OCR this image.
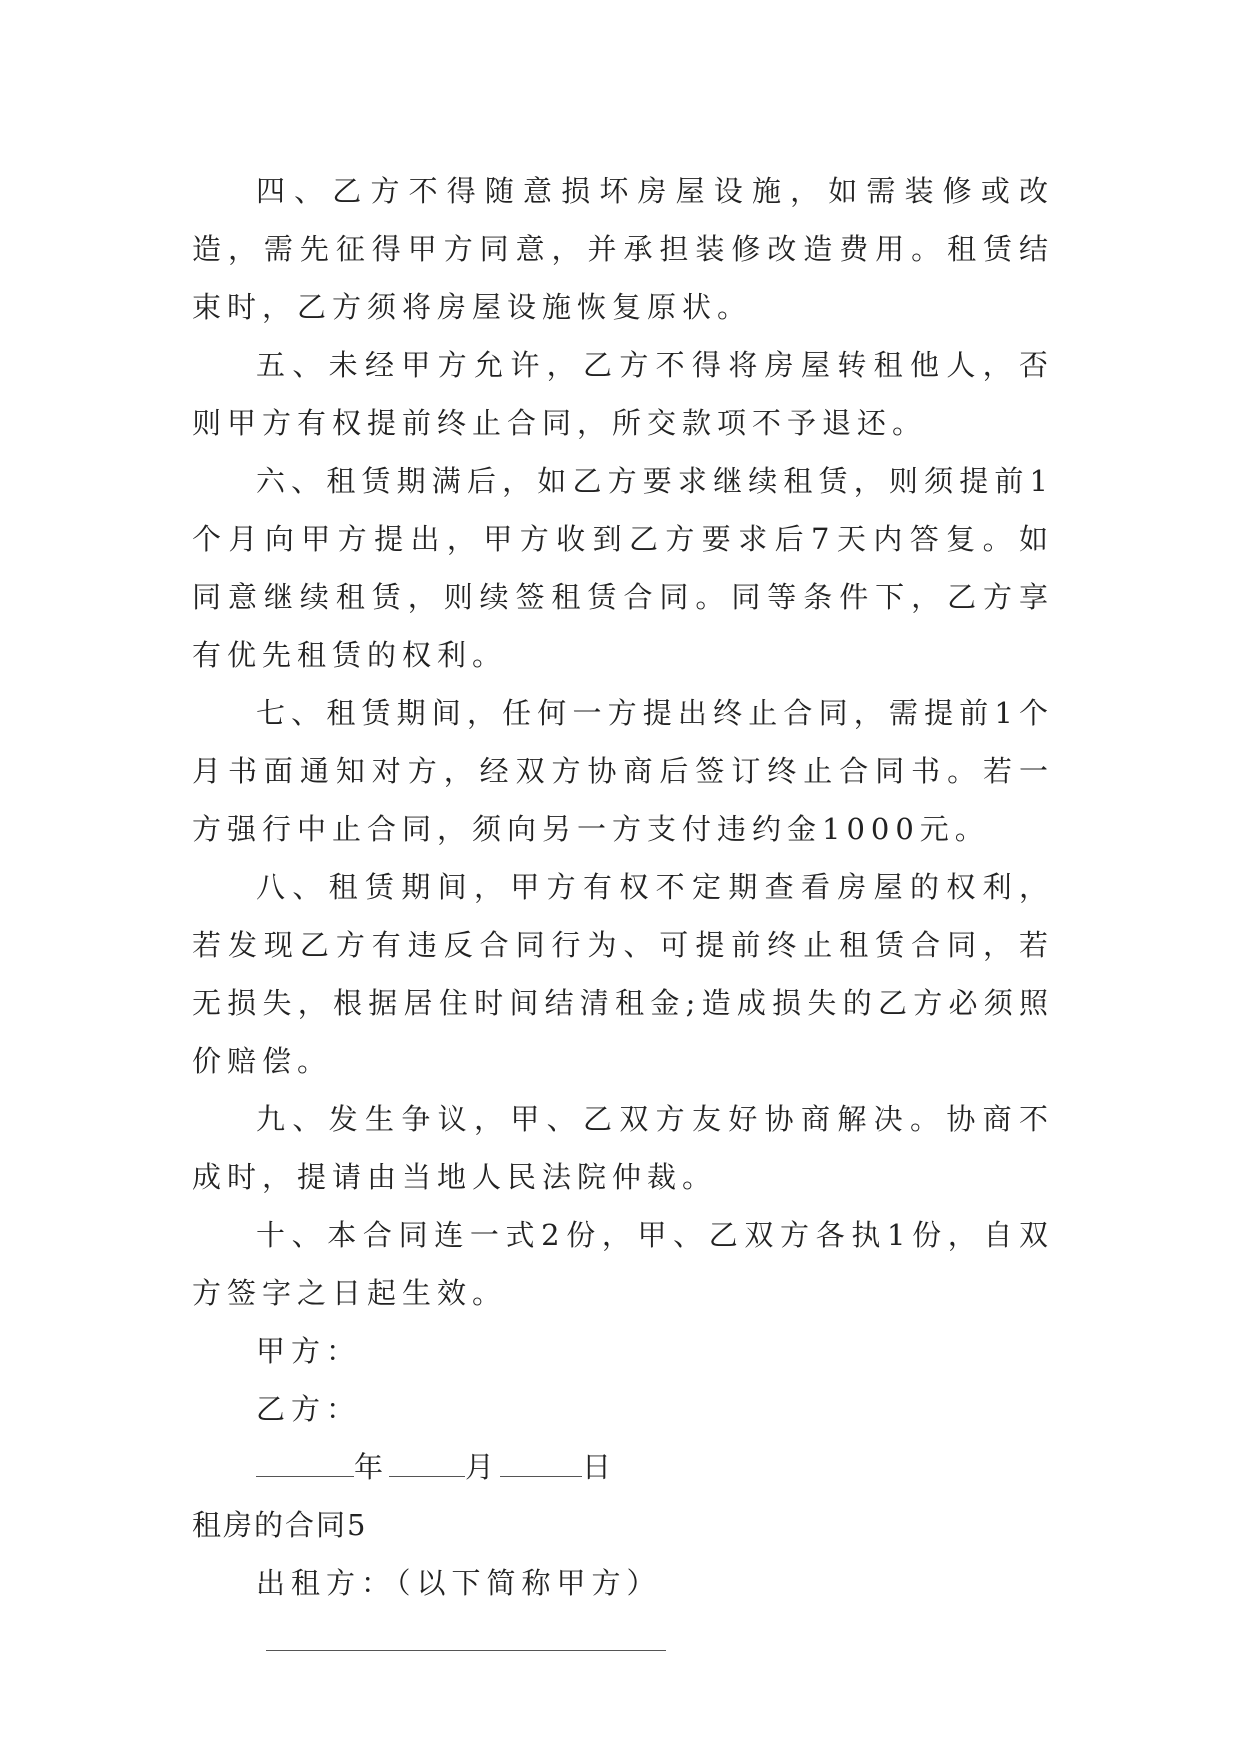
四、乙方不得随意损坏房屋设施，如需装修或改造，需先征得甲方同意，并承担装修改造费用。租赁结束时，乙方须将房屋设施恢复原状。

五、未经甲方允许，乙方不得将房屋转租他人，否则甲方有权提前终止合同，所交款项不予退还。

六、租赁期满后，如乙方要求继续租赁，则须提前1个月向甲方提出，甲方收到乙方要求后7天内答复。如同意继续租赁，则续签租赁合同。同等条件下，乙方享有优先租赁的权利。

七、租赁期间，任何一方提出终止合同，需提前1个月书面通知对方，经双方协商后签订终止合同书。若一方强行中止合同，须向另一方支付违约金1000元。

八、租赁期间，甲方有权不定期查看房屋的权利，若发现乙方有违反合同行为、可提前终止租赁合同，若无损失，根据居住时间结清租金;造成损失的乙方必须照价赔偿。

九、发生争议，甲、乙双方友好协商解决。协商不成时，提请由当地人民法院仲裁。

十、本合同连一式2份，甲、乙双方各执1份，自双方签字之日起生效。

甲方：

乙方：

年	月	日

租房的合同5

出租方：（以下简称甲方）
